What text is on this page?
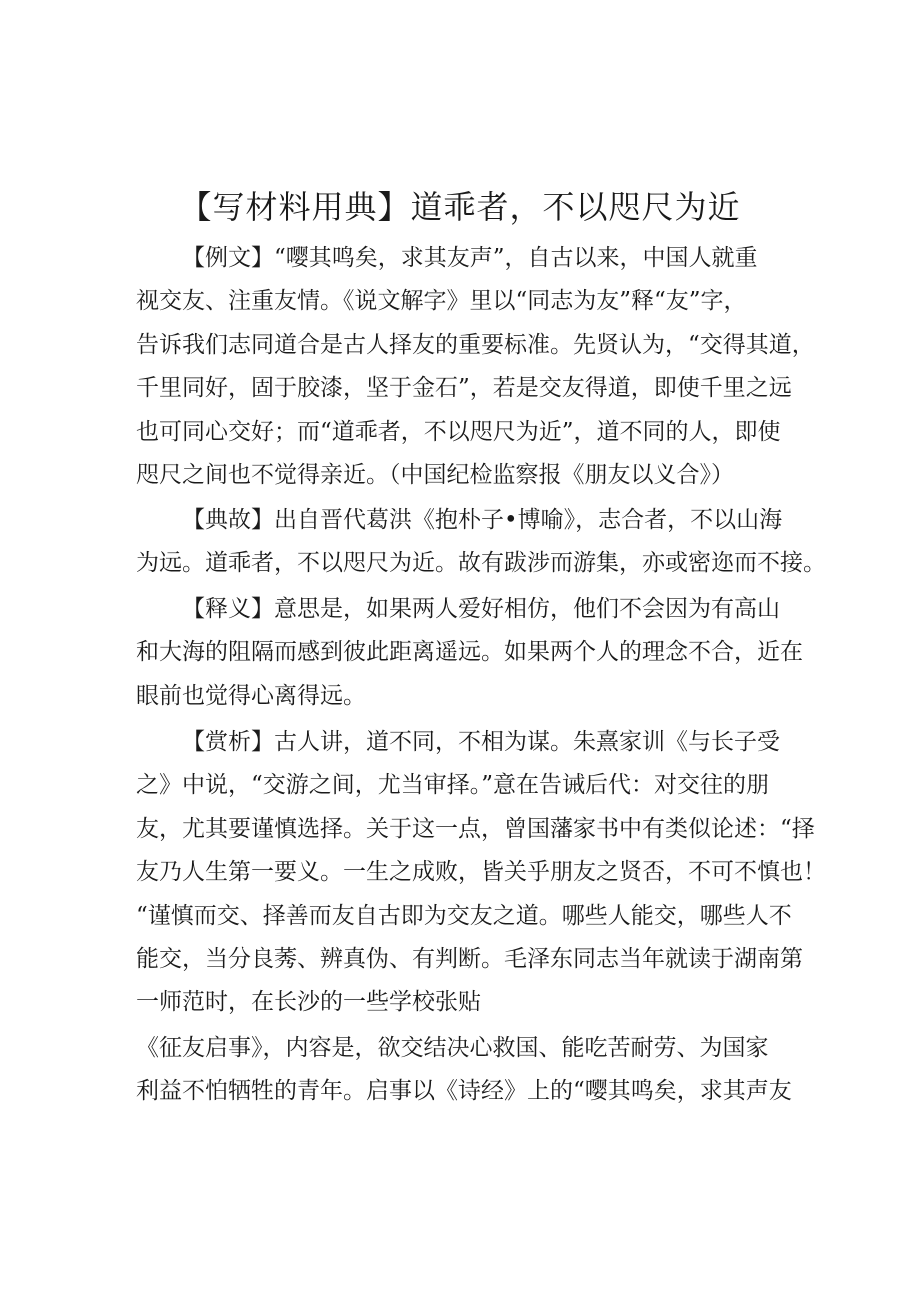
【写材料用典】道乖者，不以咫尺为近

【例文】“嘤其鸣矣，求其友声”，自古以来，中国人就重
视交友、注重友情。《说文解字》里以“同志为友”释“友”字，
告诉我们志同道合是古人择友的重要标准。先贤认为，“交得其道，
千里同好，固于胶漆，坚于金石”，若是交友得道，即使千里之远
也可同心交好；而“道乖者，不以咫尺为近”，道不同的人，即使
咫尺之间也不觉得亲近。（中国纪检监察报《朋友以义合》）

【典故】出自晋代葛洪《抱朴子•博喻》，志合者，不以山海
为远。道乖者，不以咫尺为近。故有跋涉而游集，亦或密迩而不接。

【释义】意思是，如果两人爱好相仿，他们不会因为有高山
和大海的阻隔而感到彼此距离遥远。如果两个人的理念不合，近在
眼前也觉得心离得远。

【赏析】古人讲，道不同，不相为谋。朱熹家训《与长子受
之》中说，“交游之间，尤当审择。”意在告诫后代：对交往的朋
友，尤其要谨慎选择。关于这一点，曾国藩家书中有类似论述：“择
友乃人生第一要义。一生之成败，皆关乎朋友之贤否，不可不慎也！
“谨慎而交、择善而友自古即为交友之道。哪些人能交，哪些人不
能交，当分良莠、辨真伪、有判断。毛泽东同志当年就读于湖南第
一师范时，在长沙的一些学校张贴

《征友启事》，内容是，欲交结决心救国、能吃苦耐劳、为国家
利益不怕牺牲的青年。启事以《诗经》上的“嘤其鸣矣，求其声友
